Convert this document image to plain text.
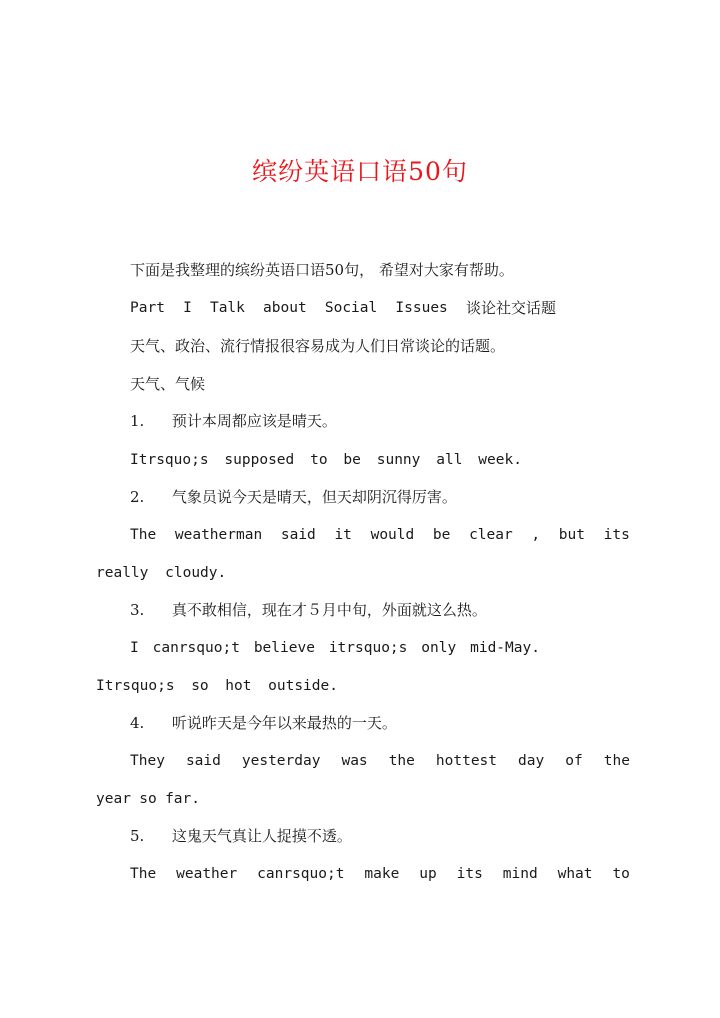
缤纷英语口语50句
下面是我整理的缤纷英语口语50句， 希望对大家有帮助。
Part I Talk about Social Issues 谈论社交话题
天气、政治、流行情报很容易成为人们日常谈论的话题。
天气、气候
1. 预计本周都应该是晴天。
Itrsquo;s supposed to be sunny all week.
2. 气象员说今天是晴天，但天却阴沉得厉害。
The weatherman said it would be clear , but its
really cloudy.
3. 真不敢相信，现在才５月中旬，外面就这么热。
I canrsquo;t believe itrsquo;s only mid-May.
Itrsquo;s so hot outside.
4. 听说昨天是今年以来最热的一天。
They said yesterday was the hottest day of the
year so far.
5. 这鬼天气真让人捉摸不透。
The weather canrsquo;t make up its mind what to
